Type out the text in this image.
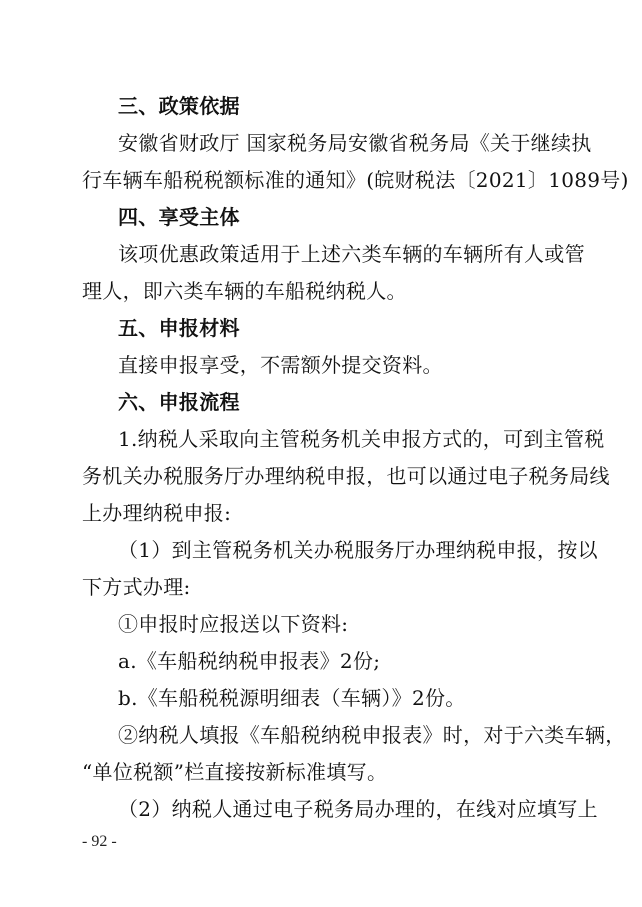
三、政策依据
安徽省财政厅 国家税务局安徽省税务局《关于继续执
行车辆车船税税额标准的通知》(皖财税法〔2021〕1089号)
四、享受主体
该项优惠政策适用于上述六类车辆的车辆所有人或管
理人，即六类车辆的车船税纳税人。
五、申报材料
直接申报享受，不需额外提交资料。
六、申报流程
1.纳税人采取向主管税务机关申报方式的，可到主管税
务机关办税服务厅办理纳税申报，也可以通过电子税务局线
上办理纳税申报:
（1）到主管税务机关办税服务厅办理纳税申报，按以
下方式办理:
①申报时应报送以下资料:
a.《车船税纳税申报表》2份;
b.《车船税税源明细表（车辆）》2份。
②纳税人填报《车船税纳税申报表》时，对于六类车辆，
“单位税额”栏直接按新标准填写。
（2）纳税人通过电子税务局办理的，在线对应填写上
- 92 -
